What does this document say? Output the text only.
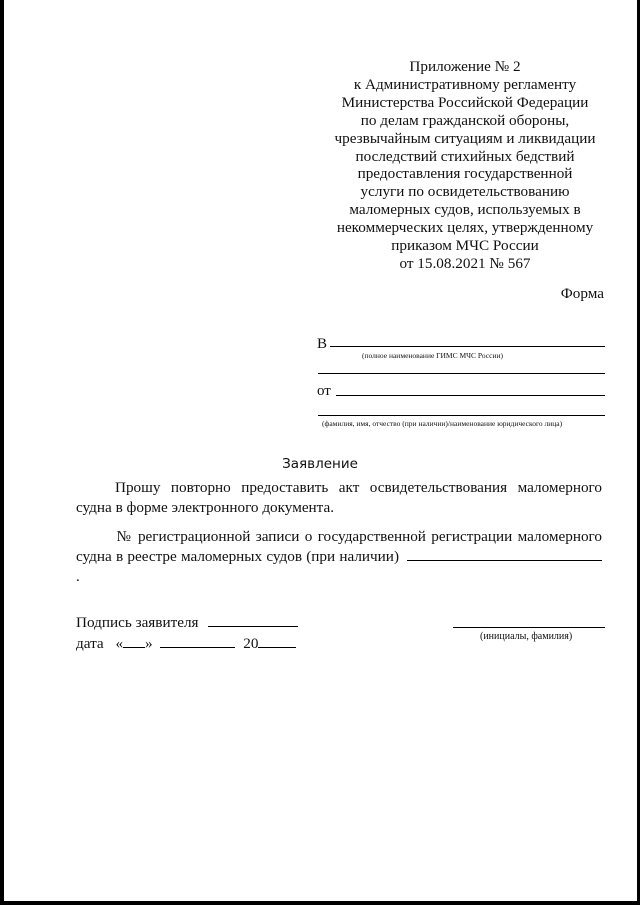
Приложение № 2
к Административному регламенту
Министерства Российской Федерации
по делам гражданской обороны,
чрезвычайным ситуациям и ликвидации
последствий стихийных бедствий
предоставления государственной
услуги по освидетельствованию
маломерных судов, используемых в
некоммерческих целях, утвержденному
приказом МЧС России
от 15.08.2021 № 567
Форма
В
(полное наименование ГИМС МЧС России)
от
(фамилия, имя, отчество (при наличии)/наименование юридического лица)
Заявление
Прошу повторно предоставить акт освидетельствования маломерного судна в форме электронного документа.
№ регистрационной записи о государственной регистрации маломерного судна в реестре маломерных судов (при наличии).
Подпись заявителя
дата « »	20	(инициалы, фамилия)
